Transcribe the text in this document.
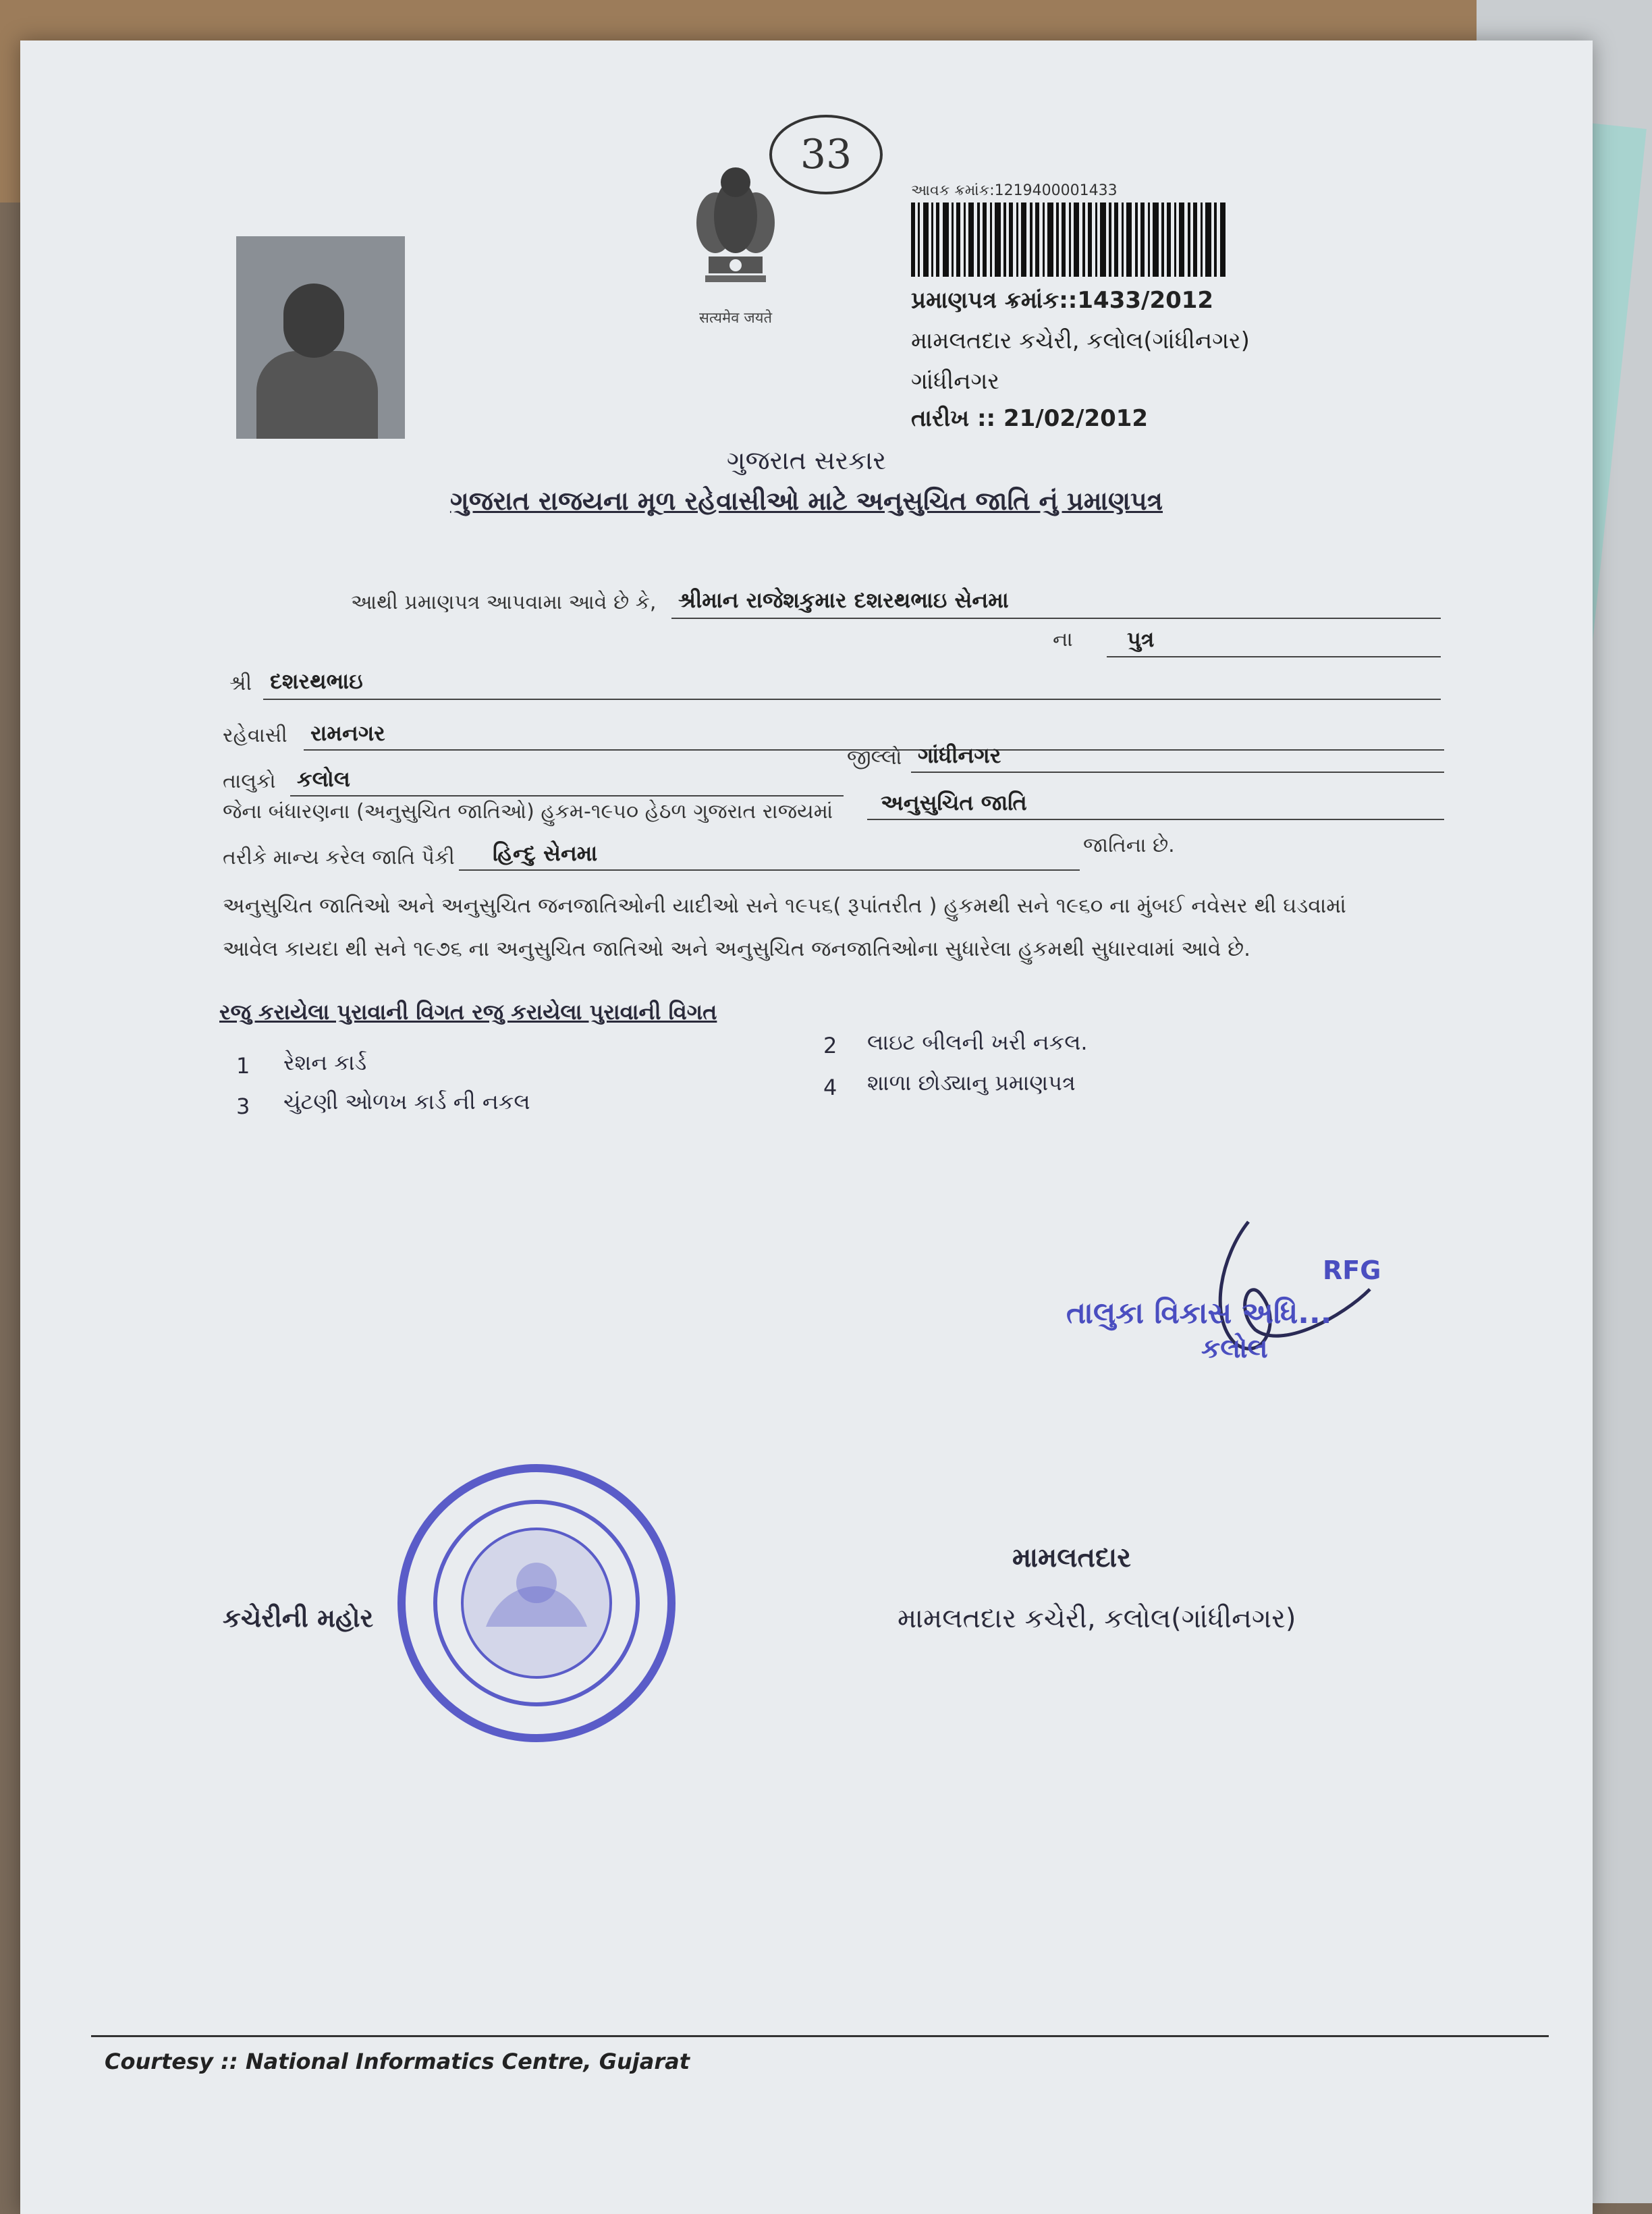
33
सत्यमेव जयते
આવક ક્રમાંક:1219400001433
પ્રમાણપત્ર ક્રમાંક::1433/2012
મામલતદાર કચેરી, કલોલ(ગાંધીનગર)
ગાંધીનગર
તારીખ :: 21/02/2012
ગુજરાત સરકાર
ગુજરાત રાજયના મૂળ રહેવાસીઓ માટે અનુસુચિત જાતિ નું પ્રમાણપત્ર
આથી પ્રમાણપત્ર આપવામા આવે છે કે, શ્રીમાન રાજેશકુમાર દશરથભાઇ સેનમા
ના	પુત્ર
શ્રી દશરથભાઇ
રહેવાસી રામનગર
તાલુકો કલોલ
જીલ્લો ગાંધીનગર
જેના બંધારણના (અનુસુચિત જાતિઓ) હુકમ-૧૯૫૦ હેઠળ ગુજરાત રાજયમાં અનુસુચિત જાતિ
તરીકે માન્ય કરેલ જાતિ પૈકી હિન્દુ સેનમા	જાતિના છે.
અનુસુચિત જાતિઓ અને અનુસુચિત જનજાતિઓની યાદીઓ સને ૧૯૫૬( રૂપાંતરીત ) હુકમથી સને ૧૯૬૦ ના મુંબઈ નવેસર થી ઘડવામાં
આવેલ કાયદા થી સને ૧૯૭૬ ના અનુસુચિત જાતિઓ અને અનુસુચિત જનજાતિઓના સુધારેલા હુકમથી સુધારવામાં આવે છે.
રજુ કરાયેલા પુરાવાની વિગત રજુ કરાયેલા પુરાવાની વિગત
1 રેશન કાર્ડ
2 લાઇટ બીલની ખરી નકલ.
3 ચુંટણી ઓળખ કાર્ડ ની નકલ
4 શાળા છોડ્યાનુ પ્રમાણપત્ર
RFG
તાલુકા વિકાસ અધિ...
કલોલ
કચેરીની મહોર
મામલતદાર
મામલતદાર કચેરી, કલોલ(ગાંધીનગર)
Courtesy :: National Informatics Centre, Gujarat
